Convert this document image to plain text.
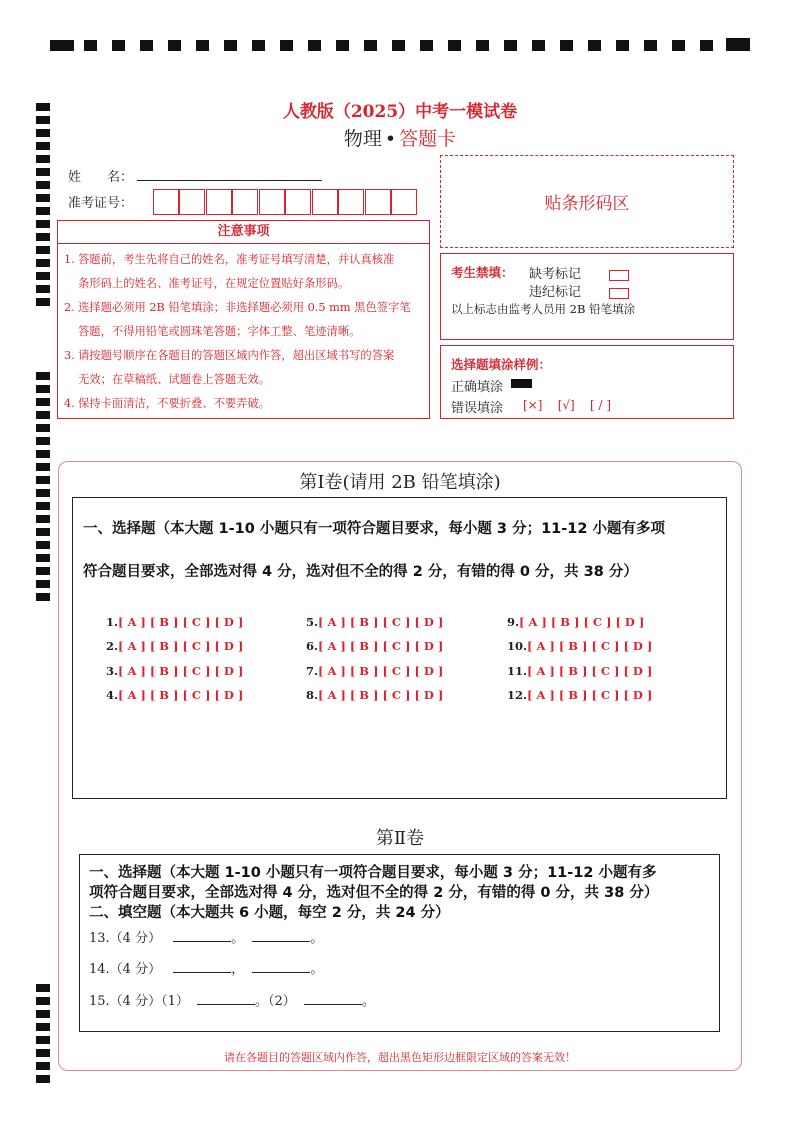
人教版（2025）中考一模试卷
物理 • 答题卡
姓　　名：
准考证号：	贴条形码区
注意事项
1. 答题前，考生先将自己的姓名，准考证号填写清楚，并认真核准
条形码上的姓名、准考证号，在规定位置贴好条形码。
2. 选择题必须用 2B 铅笔填涂；非选择题必须用 0.5 mm 黑色签字笔
答题，不得用铅笔或圆珠笔答题；字体工整、笔迹清晰。
3. 请按题号顺序在各题目的答题区域内作答，超出区域书写的答案
无效；在草稿纸、试题卷上答题无效。
4. 保持卡面清洁，不要折叠、不要弄破。
考生禁填： 缺考标记
违纪标记
以上标志由监考人员用 2B 铅笔填涂
选择题填涂样例：
正确填涂
错误填涂 [×] [√] [ / ]
第Ⅰ卷(请用 2B 铅笔填涂)
一、选择题（本大题 1-10 小题只有一项符合题目要求，每小题 3 分；11-12 小题有多项
符合题目要求，全部选对得 4 分，选对但不全的得 2 分，有错的得 0 分，共 38 分）
1.[ A ] [ B ] [ C ] [ D ]
2.[ A ] [ B ] [ C ] [ D ]
3.[ A ] [ B ] [ C ] [ D ]
4.[ A ] [ B ] [ C ] [ D ]
5.[ A ] [ B ] [ C ] [ D ]
6.[ A ] [ B ] [ C ] [ D ]
7.[ A ] [ B ] [ C ] [ D ]
8.[ A ] [ B ] [ C ] [ D ]
9.[ A ] [ B ] [ C ] [ D ]
10.[ A ] [ B ] [ C ] [ D ]
11.[ A ] [ B ] [ C ] [ D ]
12.[ A ] [ B ] [ C ] [ D ]
第Ⅱ卷
一、选择题（本大题 1-10 小题只有一项符合题目要求，每小题 3 分；11-12 小题有多
项符合题目要求，全部选对得 4 分，选对但不全的得 2 分，有错的得 0 分，共 38 分）
二、填空题（本大题共 6 小题，每空 2 分，共 24 分）
13.（4 分）	。	。
14.（4 分）	，	。
15.（4 分）（1）	。（2）	。
请在各题目的答题区域内作答，超出黑色矩形边框限定区域的答案无效！
